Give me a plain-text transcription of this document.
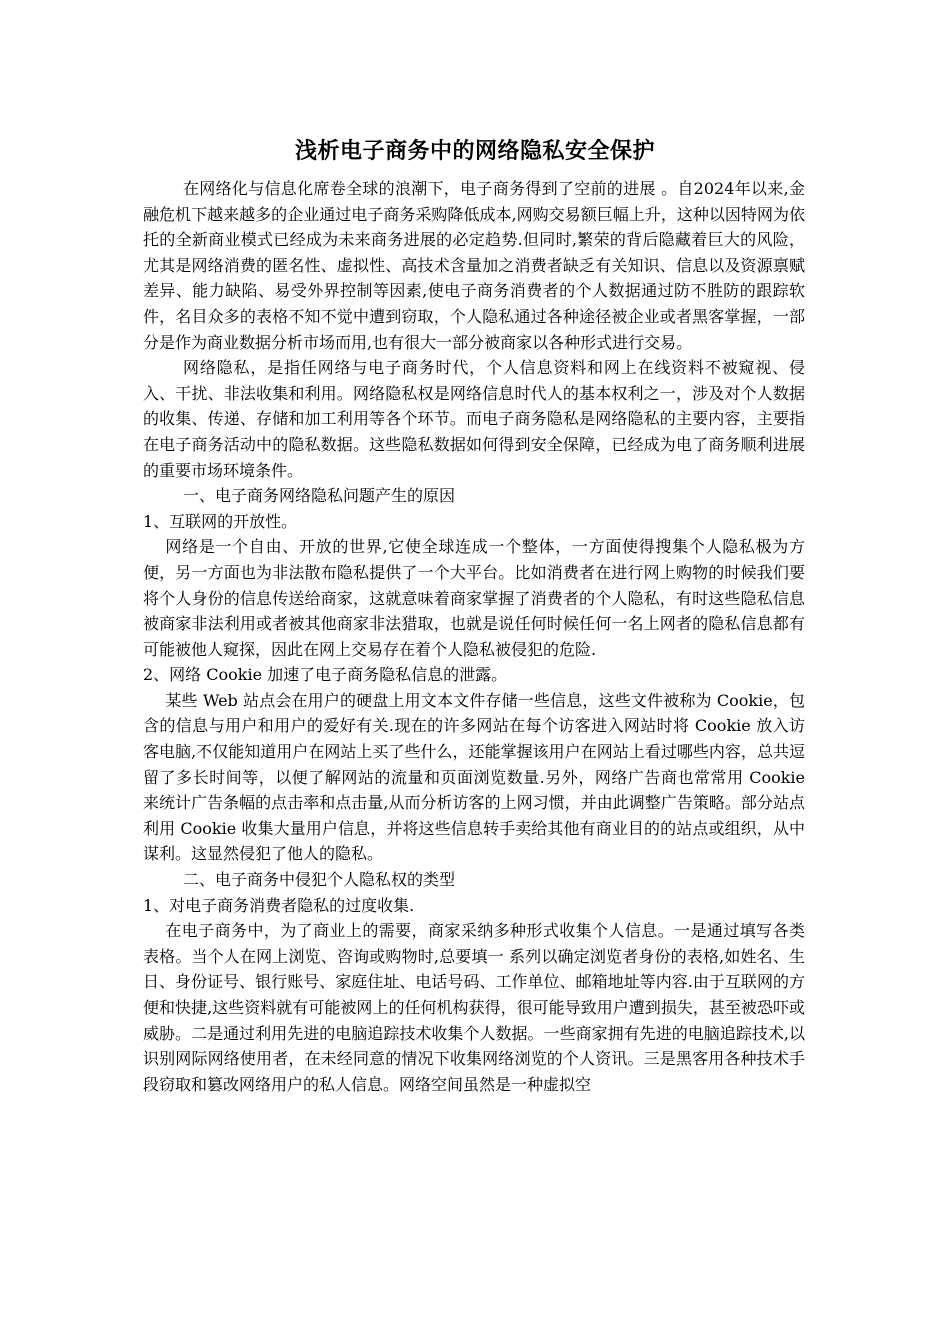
浅析电子商务中的网络隐私安全保护

在网络化与信息化席卷全球的浪潮下，电子商务得到了空前的进展 。自2024年以来,金融危机下越来越多的企业通过电子商务采购降低成本,网购交易额巨幅上升，这种以因特网为依托的全新商业模式已经成为未来商务进展的必定趋势.但同时,繁荣的背后隐藏着巨大的风险，尤其是网络消费的匿名性、虚拟性、高技术含量加之消费者缺乏有关知识、信息以及资源禀赋差异、能力缺陷、易受外界控制等因素,使电子商务消费者的个人数据通过防不胜防的跟踪软件，名目众多的表格不知不觉中遭到窃取，个人隐私通过各种途径被企业或者黑客掌握，一部分是作为商业数据分析市场而用,也有很大一部分被商家以各种形式进行交易。

网络隐私，是指任网络与电子商务时代，个人信息资料和网上在线资料不被窥视、侵入、干扰、非法收集和利用。网络隐私权是网络信息时代人的基本权利之一，涉及对个人数据的收集、传递、存储和加工利用等各个环节。而电子商务隐私是网络隐私的主要内容，主要指在电子商务活动中的隐私数据。这些隐私数据如何得到安全保障，已经成为电了商务顺利进展的重要市场环境条件。

一、电子商务网络隐私问题产生的原因

1、互联网的开放性。

网络是一个自由、开放的世界,它使全球连成一个整体，一方面使得搜集个人隐私极为方便，另一方面也为非法散布隐私提供了一个大平台。比如消费者在进行网上购物的时候我们要将个人身份的信息传送给商家，这就意味着商家掌握了消费者的个人隐私，有时这些隐私信息被商家非法利用或者被其他商家非法猎取，也就是说任何时候任何一名上网者的隐私信息都有可能被他人窥探，因此在网上交易存在着个人隐私被侵犯的危险.

2、网络 Cookie 加速了电子商务隐私信息的泄露。

某些 Web 站点会在用户的硬盘上用文本文件存储一些信息，这些文件被称为 Cookie，包含的信息与用户和用户的爱好有关.现在的许多网站在每个访客进入网站时将 Cookie 放入访客电脑,不仅能知道用户在网站上买了些什么，还能掌握该用户在网站上看过哪些内容，总共逗留了多长时间等，以便了解网站的流量和页面浏览数量.另外，网络广告商也常常用 Cookie 来统计广告条幅的点击率和点击量,从而分析访客的上网习惯，并由此调整广告策略。部分站点利用 Cookie 收集大量用户信息，并将这些信息转手卖给其他有商业目的的站点或组织，从中谋利。这显然侵犯了他人的隐私。

二、电子商务中侵犯个人隐私权的类型

1、对电子商务消费者隐私的过度收集.

在电子商务中，为了商业上的需要，商家采纳多种形式收集个人信息。一是通过填写各类表格。当个人在网上浏览、咨询或购物时,总要填一 系列以确定浏览者身份的表格,如姓名、生日、身份证号、银行账号、家庭住址、电话号码、工作单位、邮箱地址等内容.由于互联网的方便和快捷,这些资料就有可能被网上的任何机构获得，很可能导致用户遭到损失，甚至被恐吓或威胁。二是通过利用先进的电脑追踪技术收集个人数据。一些商家拥有先进的电脑追踪技术,以识别网际网络使用者，在未经同意的情况下收集网络浏览的个人资讯。三是黑客用各种技术手段窃取和篡改网络用户的私人信息。网络空间虽然是一种虚拟空
